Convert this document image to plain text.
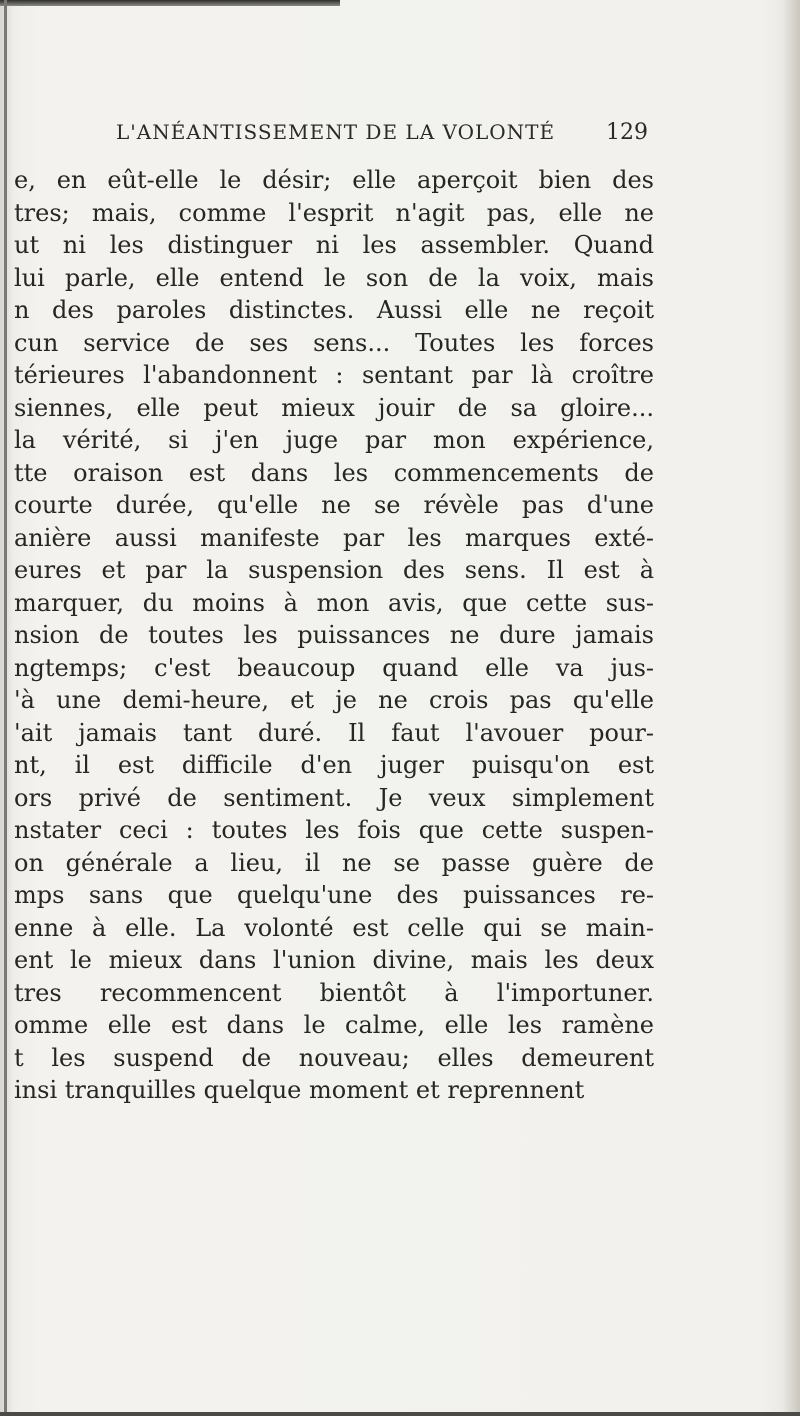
L'ANÉANTISSEMENT DE LA VOLONTÉ 129
e, en eût-elle le désir; elle aperçoit bien des
tres; mais, comme l'esprit n'agit pas, elle ne
ut ni les distinguer ni les assembler. Quand
lui parle, elle entend le son de la voix, mais
n des paroles distinctes. Aussi elle ne reçoit
cun service de ses sens... Toutes les forces
térieures l'abandonnent : sentant par là croître
siennes, elle peut mieux jouir de sa gloire...
la vérité, si j'en juge par mon expérience,
tte oraison est dans les commencements de
courte durée, qu'elle ne se révèle pas d'une
anière aussi manifeste par les marques exté-
eures et par la suspension des sens. Il est à
marquer, du moins à mon avis, que cette sus-
nsion de toutes les puissances ne dure jamais
ngtemps; c'est beaucoup quand elle va jus-
'à une demi-heure, et je ne crois pas qu'elle
'ait jamais tant duré. Il faut l'avouer pour-
nt, il est difficile d'en juger puisqu'on est
ors privé de sentiment. Je veux simplement
nstater ceci : toutes les fois que cette suspen-
on générale a lieu, il ne se passe guère de
mps sans que quelqu'une des puissances re-
enne à elle. La volonté est celle qui se main-
ent le mieux dans l'union divine, mais les deux
tres recommencent bientôt à l'importuner.
omme elle est dans le calme, elle les ramène
t les suspend de nouveau; elles demeurent
insi tranquilles quelque moment et reprennent
